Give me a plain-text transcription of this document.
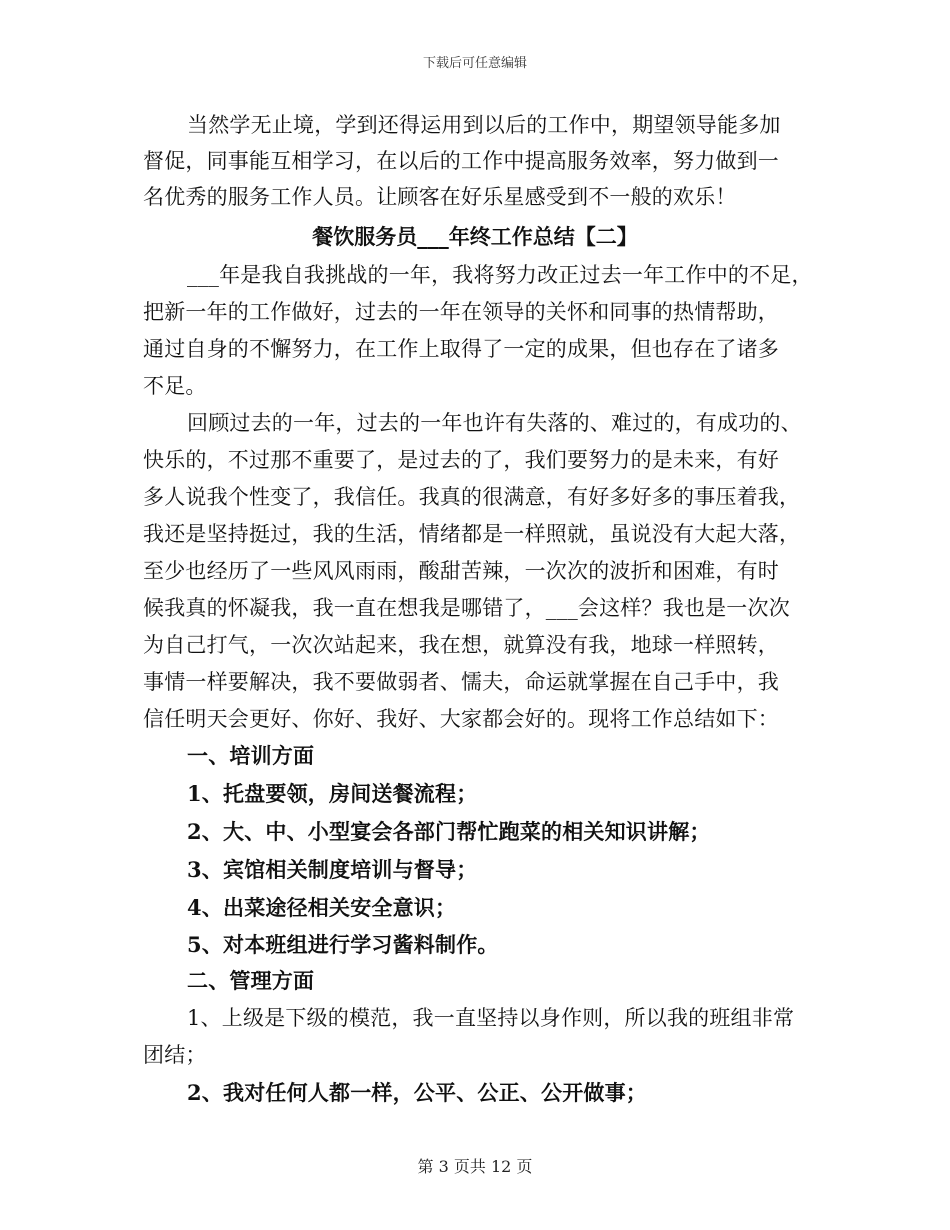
下载后可任意编辑
当然学无止境，学到还得运用到以后的工作中，期望领导能多加
督促，同事能互相学习，在以后的工作中提高服务效率，努力做到一
名优秀的服务工作人员。让顾客在好乐星感受到不一般的欢乐！
餐饮服务员___年终工作总结【二】
___年是我自我挑战的一年，我将努力改正过去一年工作中的不足，
把新一年的工作做好，过去的一年在领导的关怀和同事的热情帮助，
通过自身的不懈努力，在工作上取得了一定的成果，但也存在了诸多
不足。
回顾过去的一年，过去的一年也许有失落的、难过的，有成功的、
快乐的，不过那不重要了，是过去的了，我们要努力的是未来，有好
多人说我个性变了，我信任。我真的很满意，有好多好多的事压着我，
我还是坚持挺过，我的生活，情绪都是一样照就，虽说没有大起大落，
至少也经历了一些风风雨雨，酸甜苦辣，一次次的波折和困难，有时
候我真的怀凝我，我一直在想我是哪错了，___会这样？我也是一次次
为自己打气，一次次站起来，我在想，就算没有我，地球一样照转，
事情一样要解决，我不要做弱者、懦夫，命运就掌握在自己手中，我
信任明天会更好、你好、我好、大家都会好的。现将工作总结如下：
一、培训方面
1、托盘要领，房间送餐流程；
2、大、中、小型宴会各部门帮忙跑菜的相关知识讲解；
3、宾馆相关制度培训与督导；
4、出菜途径相关安全意识；
5、对本班组进行学习酱料制作。
二、管理方面
1、上级是下级的模范，我一直坚持以身作则，所以我的班组非常
团结；
2、我对任何人都一样，公平、公正、公开做事；
第 3 页共 12 页
